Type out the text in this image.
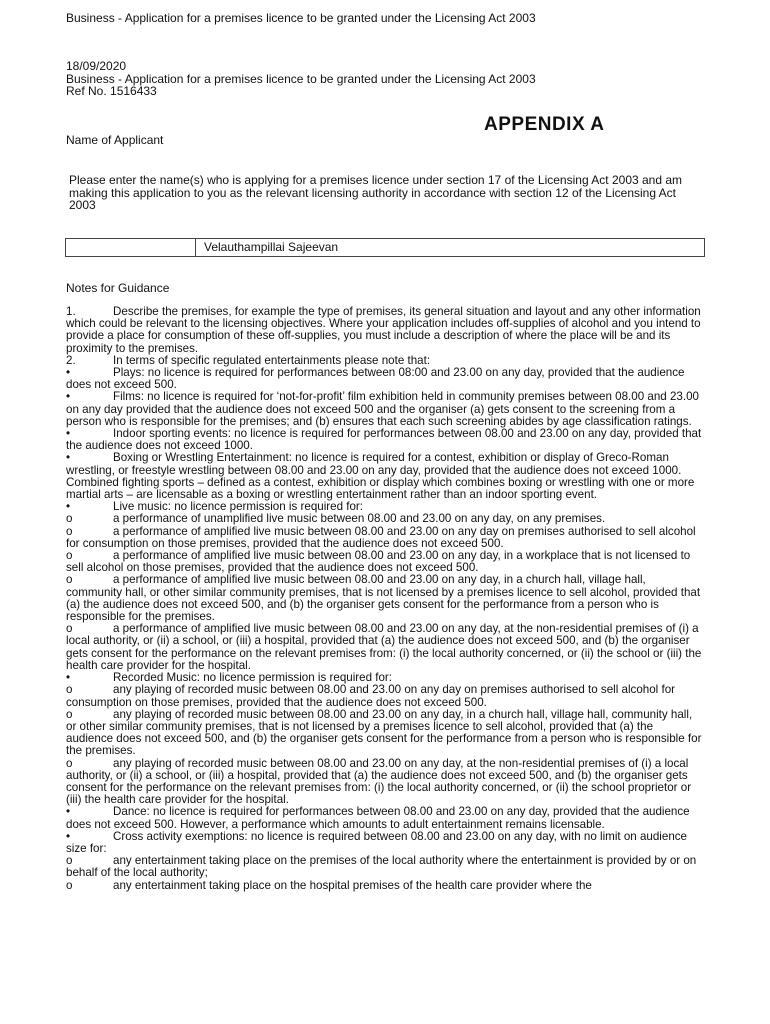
Business - Application for a premises licence to be granted under the Licensing Act 2003
18/09/2020
Business - Application for a premises licence to be granted under the Licensing Act 2003
Ref No. 1516433
APPENDIX A
Name of Applicant
Please enter the name(s) who is applying for a premises licence under section 17 of the Licensing Act 2003 and am making this application to you as the relevant licensing authority in accordance with section 12 of the Licensing Act 2003
Velauthampillai Sajeevan
Notes for Guidance

1.	Describe the premises, for example the type of premises, its general situation and layout and any other information which could be relevant to the licensing objectives. Where your application includes off-supplies of alcohol and you intend to provide a place for consumption of these off-supplies, you must include a description of where the place will be and its proximity to the premises.

2.	In terms of specific regulated entertainments please note that:

•	Plays: no licence is required for performances between 08:00 and 23.00 on any day, provided that the audience does not exceed 500.

•	Films: no licence is required for ‘not-for-profit’ film exhibition held in community premises between 08.00 and 23.00 on any day provided that the audience does not exceed 500 and the organiser (a) gets consent to the screening from a person who is responsible for the premises; and (b) ensures that each such screening abides by age classification ratings.

•	Indoor sporting events: no licence is required for performances between 08.00 and 23.00 on any day, provided that the audience does not exceed 1000.

•	Boxing or Wrestling Entertainment: no licence is required for a contest, exhibition or display of Greco-Roman wrestling, or freestyle wrestling between 08.00 and 23.00 on any day, provided that the audience does not exceed 1000. Combined fighting sports – defined as a contest, exhibition or display which combines boxing or wrestling with one or more martial arts – are licensable as a boxing or wrestling entertainment rather than an indoor sporting event.

•	Live music: no licence permission is required for:

o	a performance of unamplified live music between 08.00 and 23.00 on any day, on any premises.

o	a performance of amplified live music between 08.00 and 23.00 on any day on premises authorised to sell alcohol for consumption on those premises, provided that the audience does not exceed 500.

o	a performance of amplified live music between 08.00 and 23.00 on any day, in a workplace that is not licensed to sell alcohol on those premises, provided that the audience does not exceed 500.

o	a performance of amplified live music between 08.00 and 23.00 on any day, in a church hall, village hall, community hall, or other similar community premises, that is not licensed by a premises licence to sell alcohol, provided that (a) the audience does not exceed 500, and (b) the organiser gets consent for the performance from a person who is responsible for the premises.

o	a performance of amplified live music between 08.00 and 23.00 on any day, at the non-residential premises of (i) a local authority, or (ii) a school, or (iii) a hospital, provided that (a) the audience does not exceed 500, and (b) the organiser gets consent for the performance on the relevant premises from: (i) the local authority concerned, or (ii) the school or (iii) the health care provider for the hospital.

•	Recorded Music: no licence permission is required for:

o	any playing of recorded music between 08.00 and 23.00 on any day on premises authorised to sell alcohol for consumption on those premises, provided that the audience does not exceed 500.

o	any playing of recorded music between 08.00 and 23.00 on any day, in a church hall, village hall, community hall, or other similar community premises, that is not licensed by a premises licence to sell alcohol, provided that (a) the audience does not exceed 500, and (b) the organiser gets consent for the performance from a person who is responsible for the premises.

o	any playing of recorded music between 08.00 and 23.00 on any day, at the non-residential premises of (i) a local authority, or (ii) a school, or (iii) a hospital, provided that (a) the audience does not exceed 500, and (b) the organiser gets consent for the performance on the relevant premises from: (i) the local authority concerned, or (ii) the school proprietor or (iii) the health care provider for the hospital.

•	Dance: no licence is required for performances between 08.00 and 23.00 on any day, provided that the audience does not exceed 500. However, a performance which amounts to adult entertainment remains licensable.

•	Cross activity exemptions: no licence is required between 08.00 and 23.00 on any day, with no limit on audience size for:

o	any entertainment taking place on the premises of the local authority where the entertainment is provided by or on behalf of the local authority;

o	any entertainment taking place on the hospital premises of the health care provider where the
